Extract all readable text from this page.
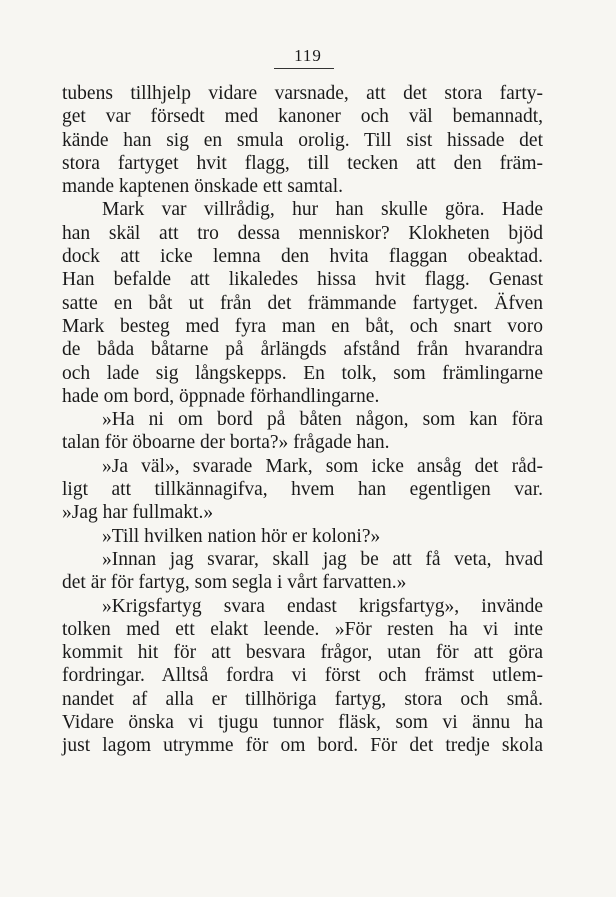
119
tubens tillhjelp vidare varsnade, att det stora farty-
get var försedt med kanoner och väl bemannadt,
kände han sig en smula orolig. Till sist hissade det
stora fartyget hvit flagg, till tecken att den främ-
mande kaptenen önskade ett samtal.
Mark var villrådig, hur han skulle göra. Hade
han skäl att tro dessa menniskor? Klokheten bjöd
dock att icke lemna den hvita flaggan obeaktad.
Han befalde att likaledes hissa hvit flagg. Genast
satte en båt ut från det främmande fartyget. Äfven
Mark besteg med fyra man en båt, och snart voro
de båda båtarne på årlängds afstånd från hvarandra
och lade sig långskepps. En tolk, som främlingarne
hade om bord, öppnade förhandlingarne.
»Ha ni om bord på båten någon, som kan föra
talan för öboarne der borta?» frågade han.
»Ja väl», svarade Mark, som icke ansåg det råd-
ligt att tillkännagifva, hvem han egentligen var.
»Jag har fullmakt.»
»Till hvilken nation hör er koloni?»
»Innan jag svarar, skall jag be att få veta, hvad
det är för fartyg, som segla i vårt farvatten.»
»Krigsfartyg svara endast krigsfartyg», invände
tolken med ett elakt leende. »För resten ha vi inte
kommit hit för att besvara frågor, utan för att göra
fordringar. Alltså fordra vi först och främst utlem-
nandet af alla er tillhöriga fartyg, stora och små.
Vidare önska vi tjugu tunnor fläsk, som vi ännu ha
just lagom utrymme för om bord. För det tredje skola
